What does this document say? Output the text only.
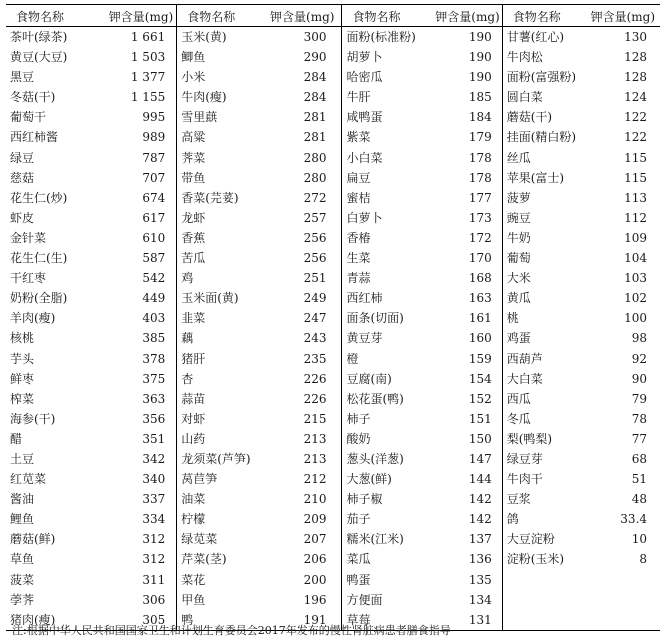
食物名称	钾含量(mg)
茶叶(绿茶)	1 661
黄豆(大豆)	1 503
黑豆	1 377
冬菇(干)	1 155
葡萄干	995
西红柿酱	989
绿豆	787
慈菇	707
花生仁(炒)	674
虾皮	617
金针菜	610
花生仁(生)	587
干红枣	542
奶粉(全脂)	449
羊肉(瘦)	403
核桃	385
芋头	378
鲜枣	375
榨菜	363
海参(干)	356
醋	351
土豆	342
红苋菜	340
酱油	337
鲤鱼	334
蘑菇(鲜)	312
草鱼	312
菠菜	311
荸荠	306
猪肉(瘦)	305
食物名称	钾含量(mg)
玉米(黄)	300
鲫鱼	290
小米	284
牛肉(瘦)	284
雪里蕻	281
高粱	281
荠菜	280
带鱼	280
香菜(芫荽)	272
龙虾	257
香蕉	256
苦瓜	256
鸡	251
玉米面(黄)	249
韭菜	247
藕	243
猪肝	235
杏	226
蒜苗	226
对虾	215
山药	213
龙须菜(芦笋)	213
莴苣笋	212
油菜	210
柠檬	209
绿苋菜	207
芹菜(茎)	206
菜花	200
甲鱼	196
鸭	191
食物名称	钾含量(mg)
面粉(标准粉)	190
胡萝卜	190
哈密瓜	190
牛肝	185
咸鸭蛋	184
紫菜	179
小白菜	178
扁豆	178
蜜桔	177
白萝卜	173
香椿	172
生菜	170
青蒜	168
西红柿	163
面条(切面)	161
黄豆芽	160
橙	159
豆腐(南)	154
松花蛋(鸭)	152
柿子	151
酸奶	150
葱头(洋葱)	147
大葱(鲜)	144
柿子椒	142
茄子	142
糯米(江米)	137
菜瓜	136
鸭蛋	135
方便面	134
草莓	131
食物名称 钾含量(mg)
甘薯(红心)	130
牛肉松	128
面粉(富强粉)	128
圆白菜	124
蘑菇(干)	122
挂面(精白粉)	122
丝瓜	115
苹果(富士)	115
菠萝	113
豌豆	112
牛奶	109
葡萄	104
大米	103
黄瓜	102
桃	100
鸡蛋	98
西葫芦	92
大白菜	90
西瓜	79
冬瓜	78
梨(鸭梨)	77
绿豆芽	68
牛肉干	51
豆浆	48
鸽	33.4
大豆淀粉	10
淀粉(玉米)	8
注:根据中华人民共和国国家卫生和计划生育委员会2017年发布的慢性肾脏病患者膳食指导
